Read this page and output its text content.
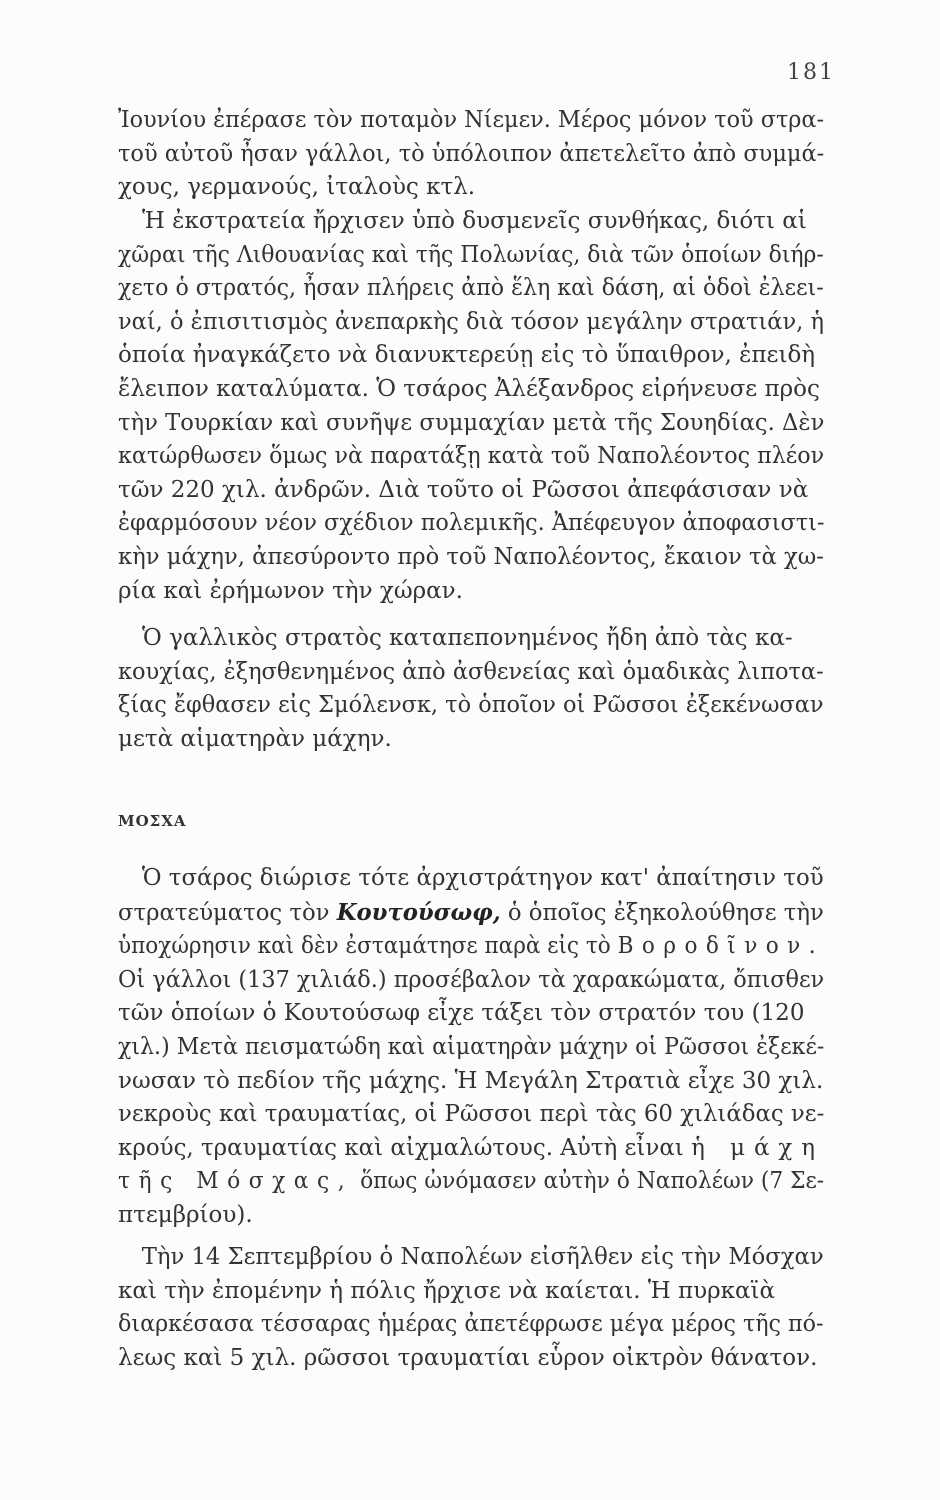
181
Ἰουνίου ἐπέρασε τὸν ποταμὸν Νίεμεν. Μέρος μόνον τοῦ στρα-
τοῦ αὐτοῦ ἦσαν γάλλοι, τὸ ὑπόλοιπον ἀπετελεῖτο ἀπὸ συμμά-
χους, γερμανούς, ἰταλοὺς κτλ.
Ἡ ἐκστρατεία ἤρχισεν ὑπὸ δυσμενεῖς συνθήκας, διότι αἱ
χῶραι τῆς Λιθουανίας καὶ τῆς Πολωνίας, διὰ τῶν ὁποίων διήρ-
χετο ὁ στρατός, ἦσαν πλήρεις ἀπὸ ἕλη καὶ δάση, αἱ ὁδοὶ ἐλεει-
ναί, ὁ ἐπισιτισμὸς ἀνεπαρκὴς διὰ τόσον μεγάλην στρατιάν, ἡ
ὁποία ἠναγκάζετο νὰ διανυκτερεύῃ εἰς τὸ ὕπαιθρον, ἐπειδὴ
ἔλειπον καταλύματα. Ὁ τσάρος Ἀλέξανδρος εἰρήνευσε πρὸς
τὴν Τουρκίαν καὶ συνῆψε συμμαχίαν μετὰ τῆς Σουηδίας. Δὲν
κατώρθωσεν ὅμως νὰ παρατάξῃ κατὰ τοῦ Ναπολέοντος πλέον
τῶν 220 χιλ. ἀνδρῶν. Διὰ τοῦτο οἱ Ρῶσσοι ἀπεφάσισαν νὰ
ἐφαρμόσουν νέον σχέδιον πολεμικῆς. Ἀπέφευγον ἀποφασιστι-
κὴν μάχην, ἀπεσύροντο πρὸ τοῦ Ναπολέοντος, ἔκαιον τὰ χω-
ρία καὶ ἐρήμωνον τὴν χώραν.
Ὁ γαλλικὸς στρατὸς καταπεπονημένος ἤδη ἀπὸ τὰς κα-
κουχίας, ἐξησθενημένος ἀπὸ ἀσθενείας καὶ ὁμαδικὰς λιποτα-
ξίας ἔφθασεν εἰς Σμόλενσκ, τὸ ὁποῖον οἱ Ρῶσσοι ἐξεκένωσαν
μετὰ αἱματηρὰν μάχην.
ΜΟΣΧΑ
Ὁ τσάρος διώρισε τότε ἀρχιστράτηγον κατ' ἀπαίτησιν τοῦ
στρατεύματος τὸν Κουτούσωφ, ὁ ὁποῖος ἐξηκολούθησε τὴν
ὑποχώρησιν καὶ δὲν ἐσταμάτησε παρὰ εἰς τὸ Βοροδῖνον.
Οἱ γάλλοι (137 χιλιάδ.) προσέβαλον τὰ χαρακώματα, ὄπισθεν
τῶν ὁποίων ὁ Κουτούσωφ εἶχε τάξει τὸν στρατόν του (120
χιλ.) Μετὰ πεισματώδη καὶ αἱματηρὰν μάχην οἱ Ρῶσσοι ἐξεκέ-
νωσαν τὸ πεδίον τῆς μάχης. Ἡ Μεγάλη Στρατιὰ εἶχε 30 χιλ.
νεκροὺς καὶ τραυματίας, οἱ Ρῶσσοι περὶ τὰς 60 χιλιάδας νε-
κρούς, τραυματίας καὶ αἰχμαλώτους. Αὐτὴ εἶναι ἡ μάχη
τῆς Μόσχας, ὅπως ὠνόμασεν αὐτὴν ὁ Ναπολέων (7 Σε-
πτεμβρίου).
Τὴν 14 Σεπτεμβρίου ὁ Ναπολέων εἰσῆλθεν εἰς τὴν Μόσχαν
καὶ τὴν ἐπομένην ἡ πόλις ἤρχισε νὰ καίεται. Ἡ πυρκαϊὰ
διαρκέσασα τέσσαρας ἡμέρας ἀπετέφρωσε μέγα μέρος τῆς πό-
λεως καὶ 5 χιλ. ρῶσσοι τραυματίαι εὗρον οἰκτρὸν θάνατον.
